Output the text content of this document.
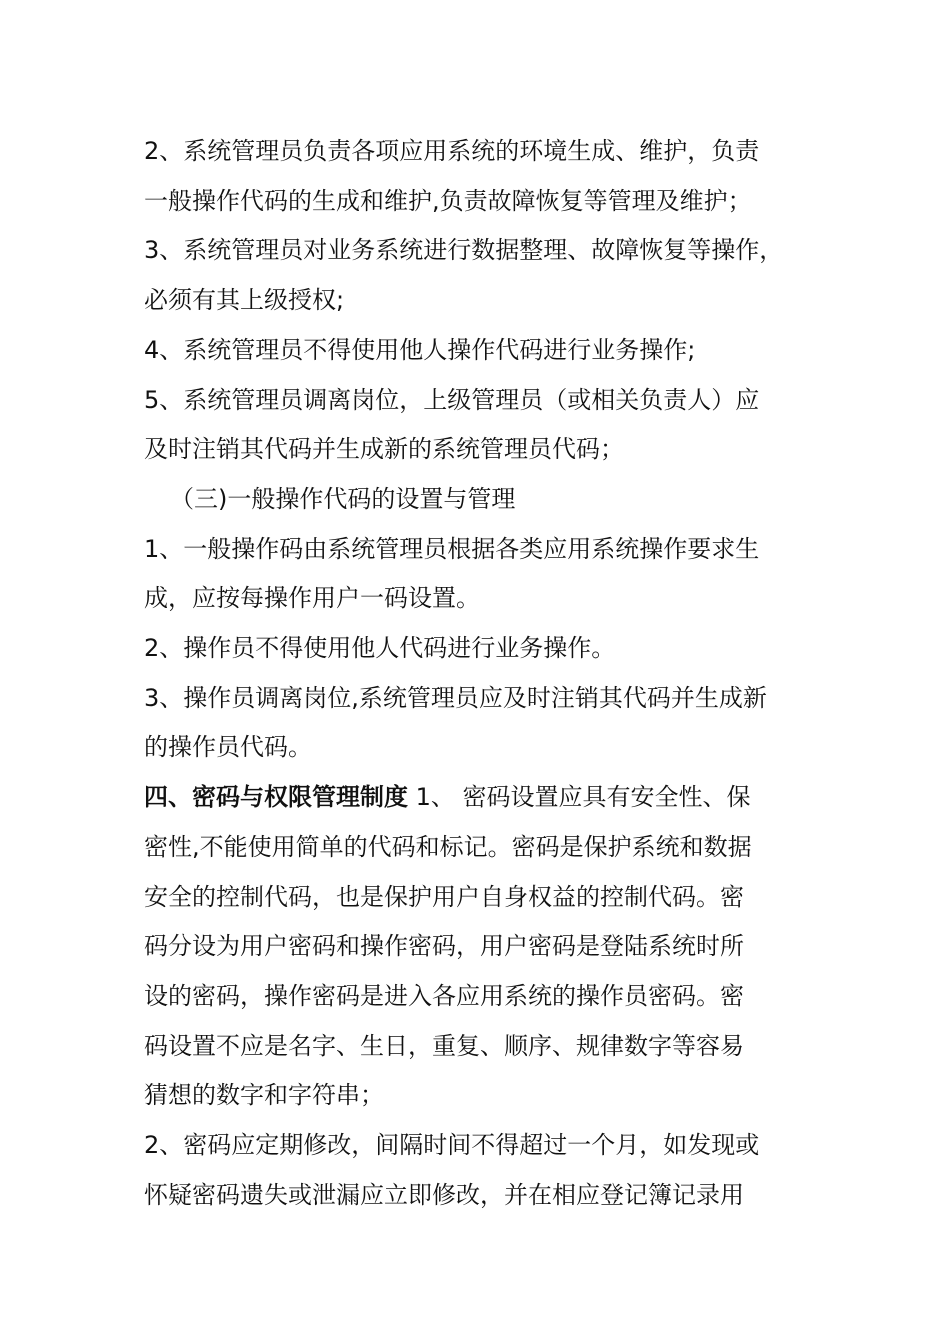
2、系统管理员负责各项应用系统的环境生成、维护，负责
一般操作代码的生成和维护,负责故障恢复等管理及维护；
3、系统管理员对业务系统进行数据整理、故障恢复等操作，
必须有其上级授权;
4、系统管理员不得使用他人操作代码进行业务操作;
5、系统管理员调离岗位，上级管理员（或相关负责人）应
及时注销其代码并生成新的系统管理员代码；
（三)一般操作代码的设置与管理
1、一般操作码由系统管理员根据各类应用系统操作要求生
成，应按每操作用户一码设置。
2、操作员不得使用他人代码进行业务操作。
3、操作员调离岗位,系统管理员应及时注销其代码并生成新
的操作员代码。
四、密码与权限管理制度 1、 密码设置应具有安全性、保
密性,不能使用简单的代码和标记。密码是保护系统和数据
安全的控制代码，也是保护用户自身权益的控制代码。密
码分设为用户密码和操作密码，用户密码是登陆系统时所
设的密码，操作密码是进入各应用系统的操作员密码。密
码设置不应是名字、生日，重复、顺序、规律数字等容易
猜想的数字和字符串；
2、密码应定期修改，间隔时间不得超过一个月，如发现或
怀疑密码遗失或泄漏应立即修改，并在相应登记簿记录用
